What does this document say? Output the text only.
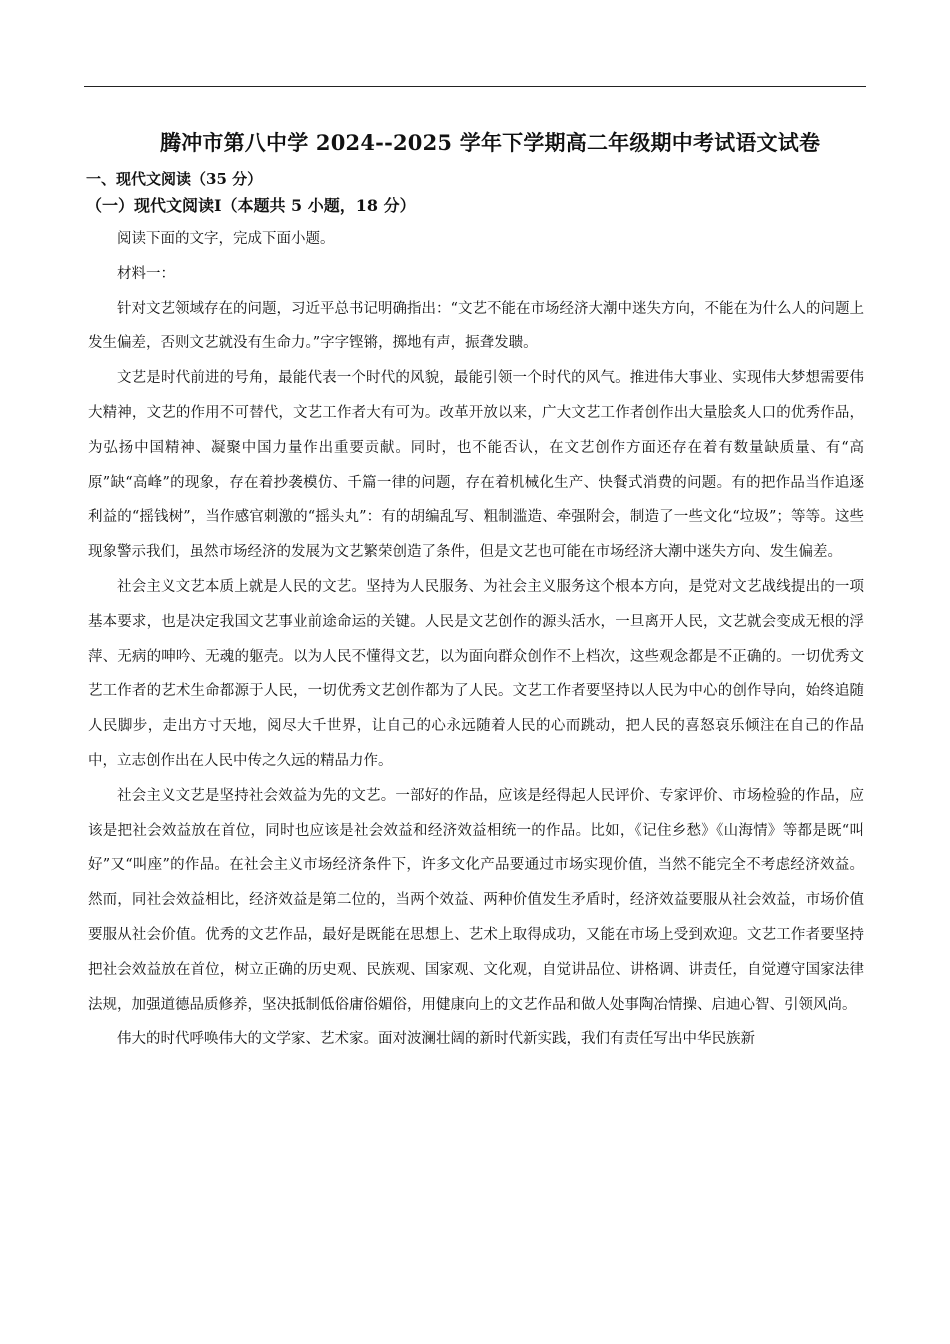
腾冲市第八中学 2024--2025 学年下学期高二年级期中考试语文试卷
一、现代文阅读（35 分）
（一）现代文阅读I（本题共 5 小题，18 分）

阅读下面的文字，完成下面小题。

材料一：

针对文艺领域存在的问题，习近平总书记明确指出：“文艺不能在市场经济大潮中迷失方向，不能在为什么人的问题上发生偏差，否则文艺就没有生命力。”字字铿锵，掷地有声，振聋发聩。

文艺是时代前进的号角，最能代表一个时代的风貌，最能引领一个时代的风气。推进伟大事业、实现伟大梦想需要伟大精神，文艺的作用不可替代，文艺工作者大有可为。改革开放以来，广大文艺工作者创作出大量脍炙人口的优秀作品，为弘扬中国精神、凝聚中国力量作出重要贡献。同时，也不能否认，在文艺创作方面还存在着有数量缺质量、有“高原”缺“高峰”的现象，存在着抄袭模仿、千篇一律的问题，存在着机械化生产、快餐式消费的问题。有的把作品当作追逐利益的“摇钱树”，当作感官刺激的“摇头丸”：有的胡编乱写、粗制滥造、牵强附会，制造了一些文化“垃圾”；等等。这些现象警示我们，虽然市场经济的发展为文艺繁荣创造了条件，但是文艺也可能在市场经济大潮中迷失方向、发生偏差。

社会主义文艺本质上就是人民的文艺。坚持为人民服务、为社会主义服务这个根本方向，是党对文艺战线提出的一项基本要求，也是决定我国文艺事业前途命运的关键。人民是文艺创作的源头活水，一旦离开人民，文艺就会变成无根的浮萍、无病的呻吟、无魂的躯壳。以为人民不懂得文艺，以为面向群众创作不上档次，这些观念都是不正确的。一切优秀文艺工作者的艺术生命都源于人民，一切优秀文艺创作都为了人民。文艺工作者要坚持以人民为中心的创作导向，始终追随人民脚步，走出方寸天地，阅尽大千世界，让自己的心永远随着人民的心而跳动，把人民的喜怒哀乐倾注在自己的作品中，立志创作出在人民中传之久远的精品力作。

社会主义文艺是坚持社会效益为先的文艺。一部好的作品，应该是经得起人民评价、专家评价、市场检验的作品，应该是把社会效益放在首位，同时也应该是社会效益和经济效益相统一的作品。比如，《记住乡愁》《山海情》等都是既“叫好”又“叫座”的作品。在社会主义市场经济条件下，许多文化产品要通过市场实现价值，当然不能完全不考虑经济效益。然而，同社会效益相比，经济效益是第二位的，当两个效益、两种价值发生矛盾时，经济效益要服从社会效益，市场价值要服从社会价值。优秀的文艺作品，最好是既能在思想上、艺术上取得成功，又能在市场上受到欢迎。文艺工作者要坚持把社会效益放在首位，树立正确的历史观、民族观、国家观、文化观，自觉讲品位、讲格调、讲责任，自觉遵守国家法律法规，加强道德品质修养，坚决抵制低俗庸俗媚俗，用健康向上的文艺作品和做人处事陶冶情操、启迪心智、引领风尚。

伟大的时代呼唤伟大的文学家、艺术家。面对波澜壮阔的新时代新实践，我们有责任写出中华民族新
